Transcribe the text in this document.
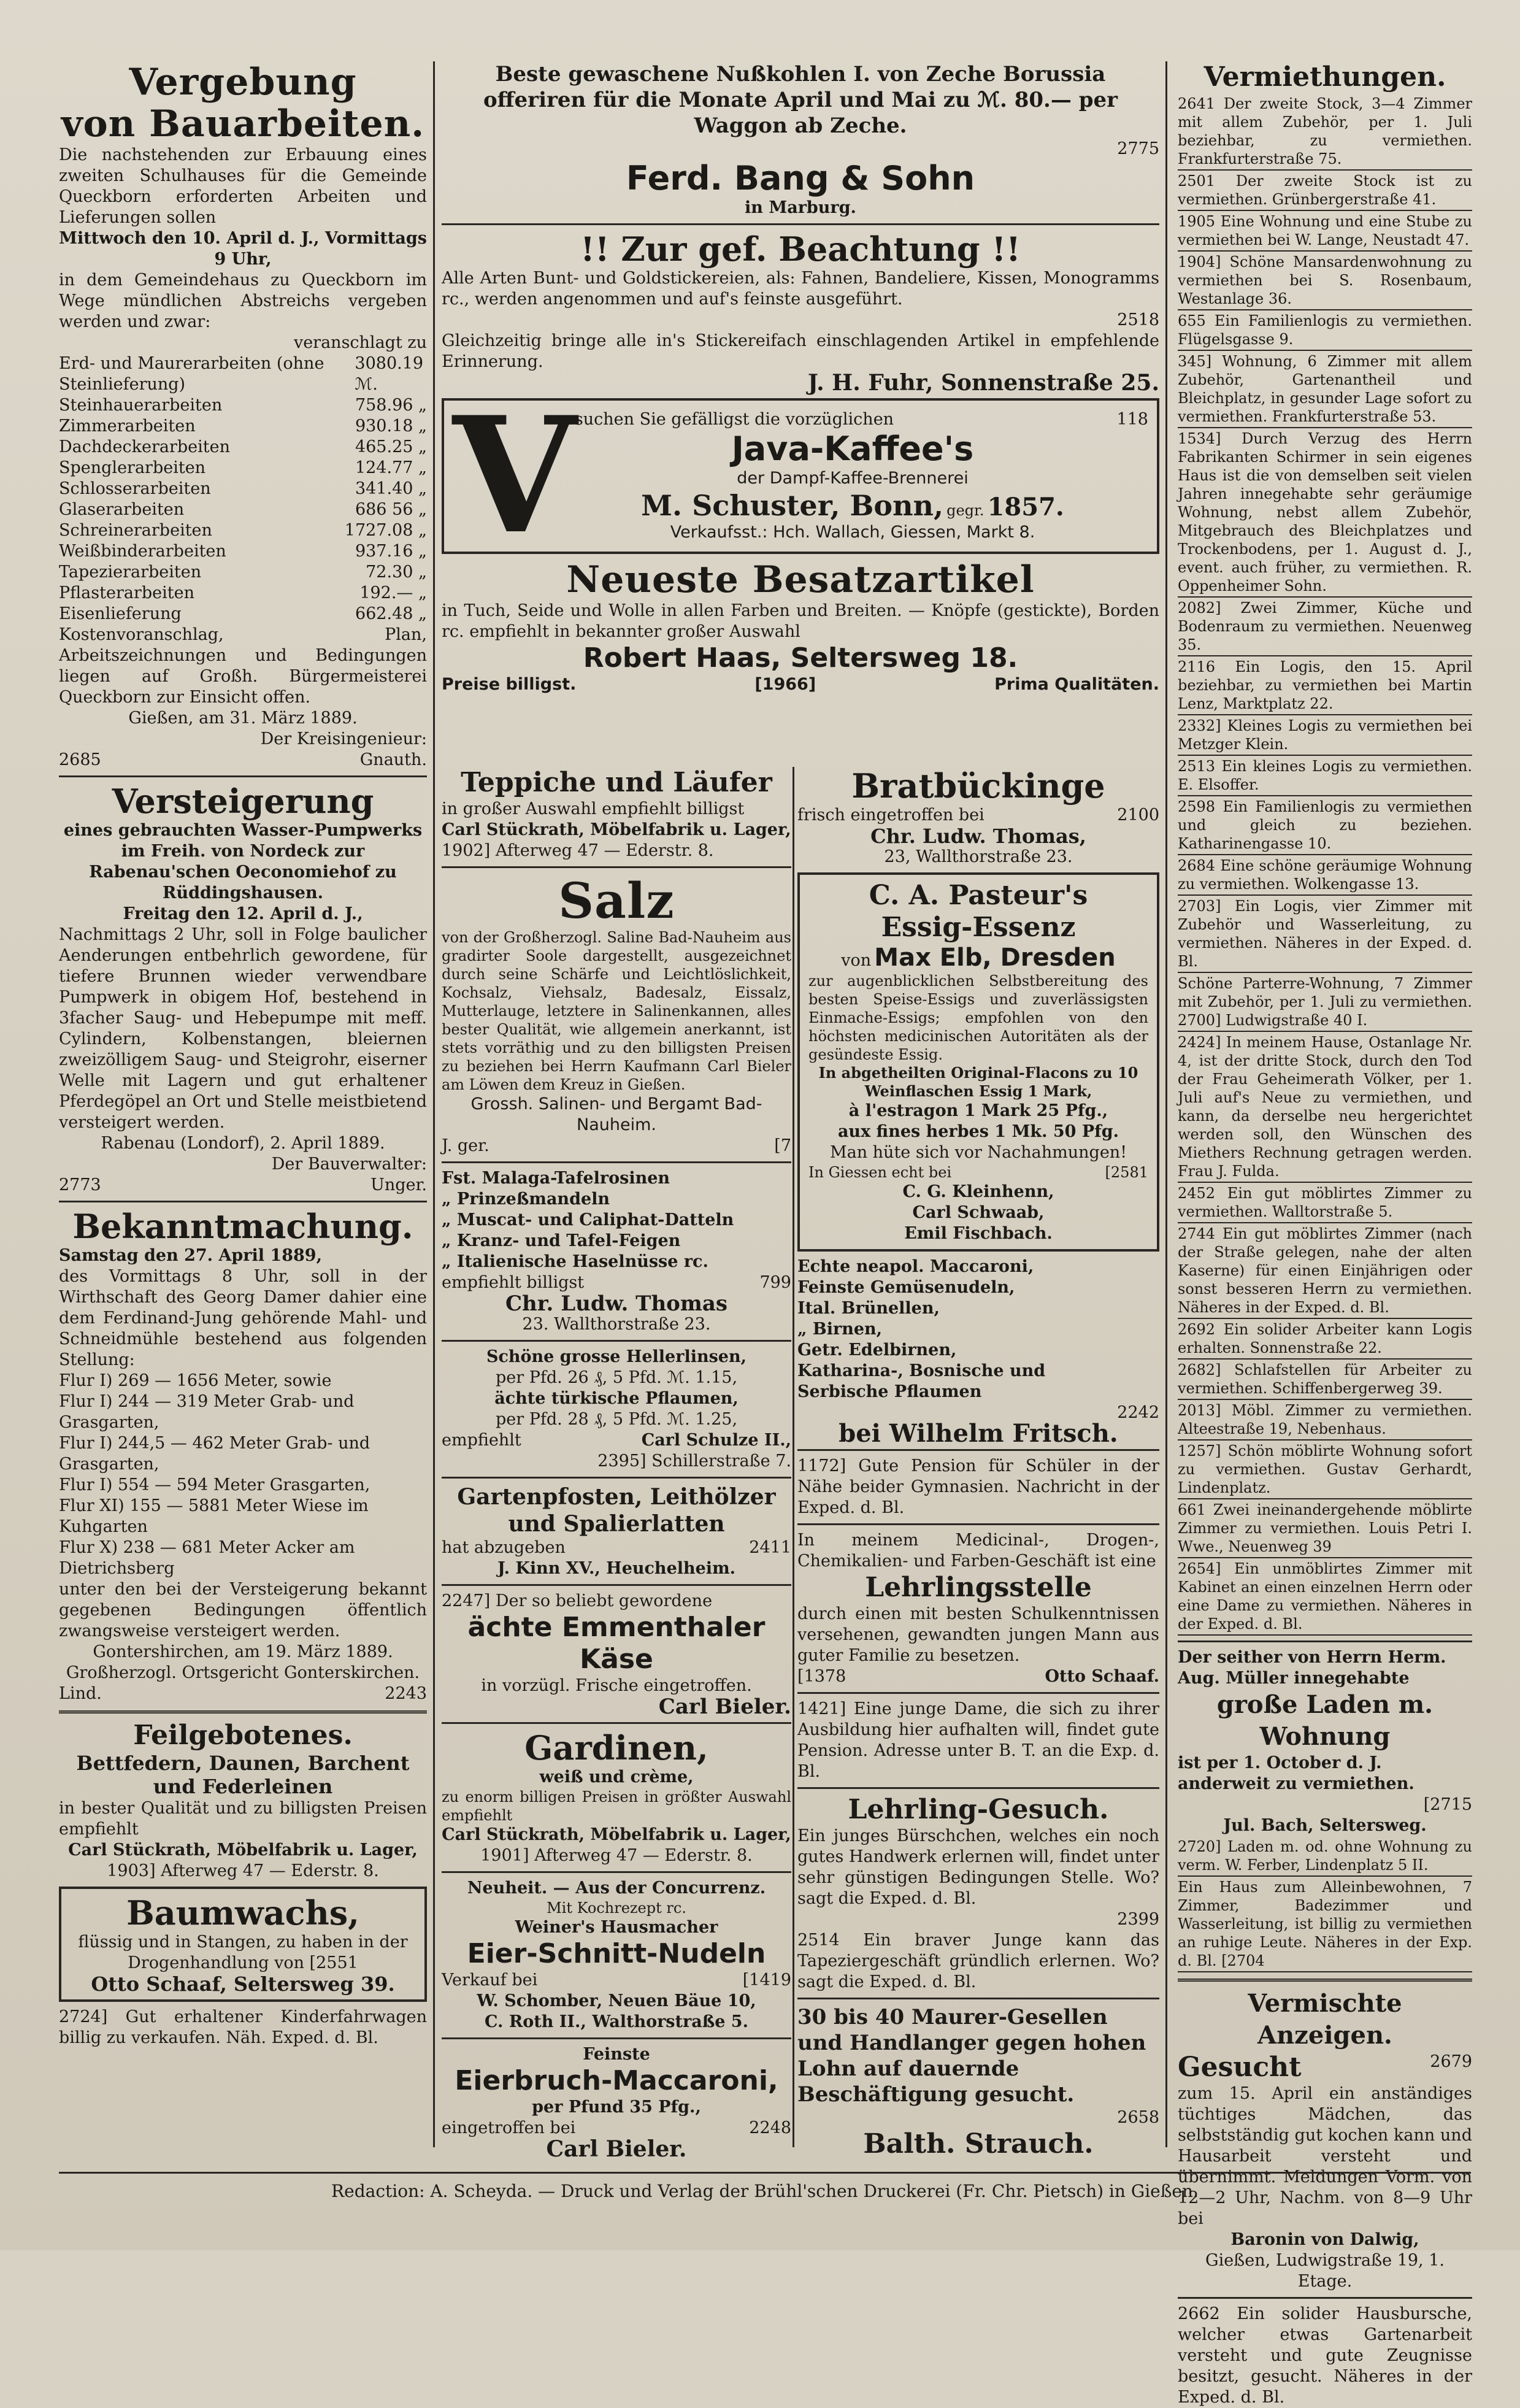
Vergebung
von Bauarbeiten.
Die nachstehenden zur Erbauung eines zweiten Schulhauses für die Gemeinde Queckborn erforderten Arbeiten und Lieferungen sollen
Mittwoch den 10. April d. J., Vormittags 9 Uhr,
in dem Gemeindehaus zu Queckborn im Wege mündlichen Abstreichs vergeben werden und zwar:
veranschlagt zu
Erd- und Maurerarbeiten (ohne Steinlieferung)
3080.19 ℳ.
Steinhauerarbeiten	758.96 „
Zimmerarbeiten	930.18 „
Dachdeckerarbeiten	465.25 „
Spenglerarbeiten	124.77 „
Schlosserarbeiten	341.40 „
Glaserarbeiten	686 56 „
Schreinerarbeiten	1727.08 „
Weißbinderarbeiten	937.16 „
Tapezierarbeiten	72.30 „
Pflasterarbeiten	192.— „
Eisenlieferung	662.48 „
Kostenvoranschlag, Plan, Arbeitszeichnungen und Bedingungen liegen auf Großh. Bürgermeisterei Queckborn zur Einsicht offen.
Gießen, am 31. März 1889.
Der Kreisingenieur:
2685	Gnauth.
Versteigerung
eines gebrauchten Wasser-Pumpwerks im Freih. von Nordeck zur Rabenau'schen Oeconomiehof zu Rüddingshausen.
Freitag den 12. April d. J.,
Nachmittags 2 Uhr, soll in Folge baulicher Aenderungen entbehrlich gewordene, für tiefere Brunnen wieder verwendbare Pumpwerk in obigem Hof, bestehend in 3facher Saug- und Hebepumpe mit meff. Cylindern, Kolbenstangen, bleiernen zweizölligem Saug- und Steigrohr, eiserner Welle mit Lagern und gut erhaltener Pferdegöpel an Ort und Stelle meistbietend versteigert werden.
Rabenau (Londorf), 2. April 1889.
Der Bauverwalter:
2773	Unger.
Bekanntmachung.
Samstag den 27. April 1889,
des Vormittags 8 Uhr, soll in der Wirthschaft des Georg Damer dahier eine dem Ferdinand-Jung gehörende Mahl- und Schneidmühle bestehend aus folgenden Stellung:
Flur I) 269 — 1656 Meter, sowie
Flur I) 244 — 319 Meter Grab- und Grasgarten,
Flur I) 244,5 — 462 Meter Grab- und Grasgarten,
Flur I) 554 — 594 Meter Grasgarten,
Flur XI) 155 — 5881 Meter Wiese im Kuhgarten
Flur X) 238 — 681 Meter Acker am Dietrichsberg
unter den bei der Versteigerung bekannt gegebenen Bedingungen öffentlich zwangsweise versteigert werden.
Gontershirchen, am 19. März 1889.
Großherzogl. Ortsgericht Gonterskirchen.
Lind.	2243
Feilgebotenes.
Bettfedern, Daunen, Barchent und Federleinen
in bester Qualität und zu billigsten Preisen empfiehlt
Carl Stückrath, Möbelfabrik u. Lager,
1903] Afterweg 47 — Ederstr. 8.
Baumwachs,
flüssig und in Stangen, zu haben in der Drogenhandlung von [2551
Otto Schaaf, Seltersweg 39.
2724] Gut erhaltener Kinderfahrwagen billig zu verkaufen. Näh. Exped. d. Bl.
Beste gewaschene Nußkohlen I. von Zeche Borussia offeriren für die Monate April und Mai zu ℳ. 80.— per Waggon ab Zeche.
2775
Ferd. Bang & Sohn
in Marburg.
!! Zur gef. Beachtung !!
Alle Arten Bunt- und Goldstickereien, als: Fahnen, Bandeliere, Kissen, Monogramms rc., werden angenommen und auf's feinste ausgeführt.
2518
Gleichzeitig bringe alle in's Stickereifach einschlagenden Artikel in empfehlende Erinnerung.
J. H. Fuhr, Sonnenstraße 25.
V
ersuchen Sie gefälligst die vorzüglichen	118
Java-Kaffee's
der Dampf-Kaffee-Brennerei
M. Schuster, Bonn, gegr. 1857.
Verkaufsst.: Hch. Wallach, Giessen, Markt 8.
Neueste Besatzartikel
in Tuch, Seide und Wolle in allen Farben und Breiten. — Knöpfe (gestickte), Borden rc. empfiehlt in bekannter großer Auswahl
Robert Haas, Seltersweg 18.
Preise billigst.	[1966]	Prima Qualitäten.
Teppiche und Läufer
in großer Auswahl empfiehlt billigst
Carl Stückrath, Möbelfabrik u. Lager,
1902] Afterweg 47 — Ederstr. 8.
Salz
von der Großherzogl. Saline Bad-Nauheim aus gradirter Soole dargestellt, ausgezeichnet durch seine Schärfe und Leichtlöslichkeit, Kochsalz, Viehsalz, Badesalz, Eissalz, Mutterlauge, letztere in Salinenkannen, alles bester Qualität, wie allgemein anerkannt, ist stets vorräthig und zu den billigsten Preisen zu beziehen bei Herrn Kaufmann Carl Bieler am Löwen dem Kreuz in Gießen.
Grossh. Salinen- und Bergamt Bad-Nauheim.
J. ger.	[7
Fst. Malaga-Tafelrosinen
„ Prinzeßmandeln
„ Muscat- und Caliphat-Datteln
„ Kranz- und Tafel-Feigen
„ Italienische Haselnüsse rc.
empfiehlt billigst	799
Chr. Ludw. Thomas
23. Wallthorstraße 23.
Schöne grosse Hellerlinsen,
per Pfd. 26 ₰, 5 Pfd. ℳ. 1.15,
ächte türkische Pflaumen,
per Pfd. 28 ₰, 5 Pfd. ℳ. 1.25,
empfiehlt	Carl Schulze II.,
2395] Schillerstraße 7.
Gartenpfosten, Leithölzer und Spalierlatten
hat abzugeben	2411
J. Kinn XV., Heuchelheim.
2247] Der so beliebt gewordene
ächte Emmenthaler Käse
in vorzügl. Frische eingetroffen.
Carl Bieler.
Gardinen,
weiß und crème,
zu enorm billigen Preisen in größter Auswahl empfiehlt
Carl Stückrath, Möbelfabrik u. Lager,
1901] Afterweg 47 — Ederstr. 8.
Neuheit. — Aus der Concurrenz.
Mit Kochrezept rc.
Weiner's Hausmacher
Eier-Schnitt-Nudeln
Verkauf bei	[1419
W. Schomber, Neuen Bäue 10,
C. Roth II., Walthorstraße 5.
Feinste
Eierbruch-Maccaroni,
per Pfund 35 Pfg.,
eingetroffen bei	2248
Carl Bieler.
Bratbückinge
frisch eingetroffen bei	2100
Chr. Ludw. Thomas,
23, Wallthorstraße 23.
C. A. Pasteur's
Essig-Essenz
von Max Elb, Dresden
zur augenblicklichen Selbstbereitung des besten Speise-Essigs und zuverlässigsten Einmache-Essigs; empfohlen von den höchsten medicinischen Autoritäten als der gesündeste Essig.
In abgetheilten Original-Flacons zu 10 Weinflaschen Essig 1 Mark,
à l'estragon 1 Mark 25 Pfg.,
aux fines herbes 1 Mk. 50 Pfg.
Man hüte sich vor Nachahmungen!
In Giessen echt bei	[2581
C. G. Kleinhenn,
Carl Schwaab,
Emil Fischbach.
Echte neapol. Maccaroni,
Feinste Gemüsenudeln,
Ital. Brünellen,
„ Birnen,
Getr. Edelbirnen,
Katharina-, Bosnische und
Serbische Pflaumen
2242
bei Wilhelm Fritsch.
1172] Gute Pension für Schüler in der Nähe beider Gymnasien. Nachricht in der Exped. d. Bl.
In meinem Medicinal-, Drogen-, Chemikalien- und Farben-Geschäft ist eine
Lehrlingsstelle
durch einen mit besten Schulkenntnissen versehenen, gewandten jungen Mann aus guter Familie zu besetzen.
[1378	Otto Schaaf.
1421] Eine junge Dame, die sich zu ihrer Ausbildung hier aufhalten will, findet gute Pension. Adresse unter B. T. an die Exp. d. Bl.
Lehrling-Gesuch.
Ein junges Bürschchen, welches ein noch gutes Handwerk erlernen will, findet unter sehr günstigen Bedingungen Stelle. Wo? sagt die Exped. d. Bl.
2399
2514 Ein braver Junge kann das Tapeziergeschäft gründlich erlernen. Wo? sagt die Exped. d. Bl.
30 bis 40 Maurer-Gesellen und Handlanger gegen hohen Lohn auf dauernde Beschäftigung gesucht.
2658
Balth. Strauch.
Vermiethungen.
2641 Der zweite Stock, 3—4 Zimmer mit allem Zubehör, per 1. Juli beziehbar, zu vermiethen. Frankfurterstraße 75.
2501 Der zweite Stock ist zu vermiethen. Grünbergerstraße 41.
1905 Eine Wohnung und eine Stube zu vermiethen bei W. Lange, Neustadt 47.
1904] Schöne Mansardenwohnung zu vermiethen bei S. Rosenbaum, Westanlage 36.
655 Ein Familienlogis zu vermiethen. Flügelsgasse 9.
345] Wohnung, 6 Zimmer mit allem Zubehör, Gartenantheil und Bleichplatz, in gesunder Lage sofort zu vermiethen. Frankfurterstraße 53.
1534] Durch Verzug des Herrn Fabrikanten Schirmer in sein eigenes Haus ist die von demselben seit vielen Jahren innegehabte sehr geräumige Wohnung, nebst allem Zubehör, Mitgebrauch des Bleichplatzes und Trockenbodens, per 1. August d. J., event. auch früher, zu vermiethen. R. Oppenheimer Sohn.
2082] Zwei Zimmer, Küche und Bodenraum zu vermiethen. Neuenweg 35.
2116 Ein Logis, den 15. April beziehbar, zu vermiethen bei Martin Lenz, Marktplatz 22.
2332] Kleines Logis zu vermiethen bei Metzger Klein.
2513 Ein kleines Logis zu vermiethen. E. Elsoffer.
2598 Ein Familienlogis zu vermiethen und gleich zu beziehen. Katharinengasse 10.
2684 Eine schöne geräumige Wohnung zu vermiethen. Wolkengasse 13.
2703] Ein Logis, vier Zimmer mit Zubehör und Wasserleitung, zu vermiethen. Näheres in der Exped. d. Bl.
Schöne Parterre-Wohnung, 7 Zimmer mit Zubehör, per 1. Juli zu vermiethen. 2700] Ludwigstraße 40 I.
2424] In meinem Hause, Ostanlage Nr. 4, ist der dritte Stock, durch den Tod der Frau Geheimerath Völker, per 1. Juli auf's Neue zu vermiethen, und kann, da derselbe neu hergerichtet werden soll, den Wünschen des Miethers Rechnung getragen werden. Frau J. Fulda.
2452 Ein gut möblirtes Zimmer zu vermiethen. Walltorstraße 5.
2744 Ein gut möblirtes Zimmer (nach der Straße gelegen, nahe der alten Kaserne) für einen Einjährigen oder sonst besseren Herrn zu vermiethen. Näheres in der Exped. d. Bl.
2692 Ein solider Arbeiter kann Logis erhalten. Sonnenstraße 22.
2682] Schlafstellen für Arbeiter zu vermiethen. Schiffenbergerweg 39.
2013] Möbl. Zimmer zu vermiethen. Alteestraße 19, Nebenhaus.
1257] Schön möblirte Wohnung sofort zu vermiethen. Gustav Gerhardt, Lindenplatz.
661 Zwei ineinandergehende möblirte Zimmer zu vermiethen. Louis Petri I. Wwe., Neuenweg 39
2654] Ein unmöblirtes Zimmer mit Kabinet an einen einzelnen Herrn oder eine Dame zu vermiethen. Näheres in der Exped. d. Bl.
Der seither von Herrn Herm. Aug. Müller innegehabte
große Laden m. Wohnung
ist per 1. October d. J. anderweit zu vermiethen.
[2715
Jul. Bach, Seltersweg.
2720] Laden m. od. ohne Wohnung zu verm. W. Ferber, Lindenplatz 5 II.
Ein Haus zum Alleinbewohnen, 7 Zimmer, Badezimmer und Wasserleitung, ist billig zu vermiethen an ruhige Leute. Näheres in der Exp. d. Bl. [2704
Vermischte Anzeigen.
Gesucht	2679
zum 15. April ein anständiges tüchtiges Mädchen, das selbstständig gut kochen kann und Hausarbeit versteht und übernimmt. Meldungen Vorm. von 12—2 Uhr, Nachm. von 8—9 Uhr bei
Baronin von Dalwig,
Gießen, Ludwigstraße 19, 1. Etage.
2662 Ein solider Hausbursche, welcher etwas Gartenarbeit versteht und gute Zeugnisse besitzt, gesucht. Näheres in der Exped. d. Bl.
Redaction: A. Scheyda. — Druck und Verlag der Brühl'schen Druckerei (Fr. Chr. Pietsch) in Gießen.
